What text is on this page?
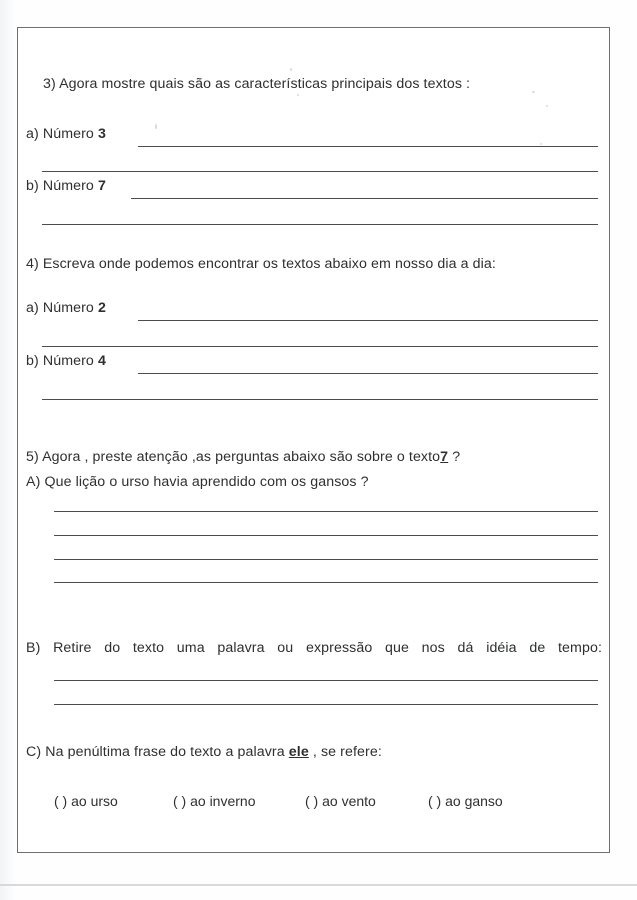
3) Agora mostre quais são as características principais dos textos :
a) Número 3
b) Número 7
4) Escreva onde podemos encontrar os textos abaixo em nosso dia a dia:
a) Número 2
b) Número 4
5) Agora , preste atenção ,as perguntas abaixo são sobre o texto7 ?
A) Que lição o urso havia aprendido com os gansos ?
B) Retire do texto uma palavra ou expressão que nos dá idéia de tempo:
C) Na penúltima frase do texto a palavra ele , se refere:
( ) ao urso	( ) ao inverno	( ) ao vento	( ) ao ganso
